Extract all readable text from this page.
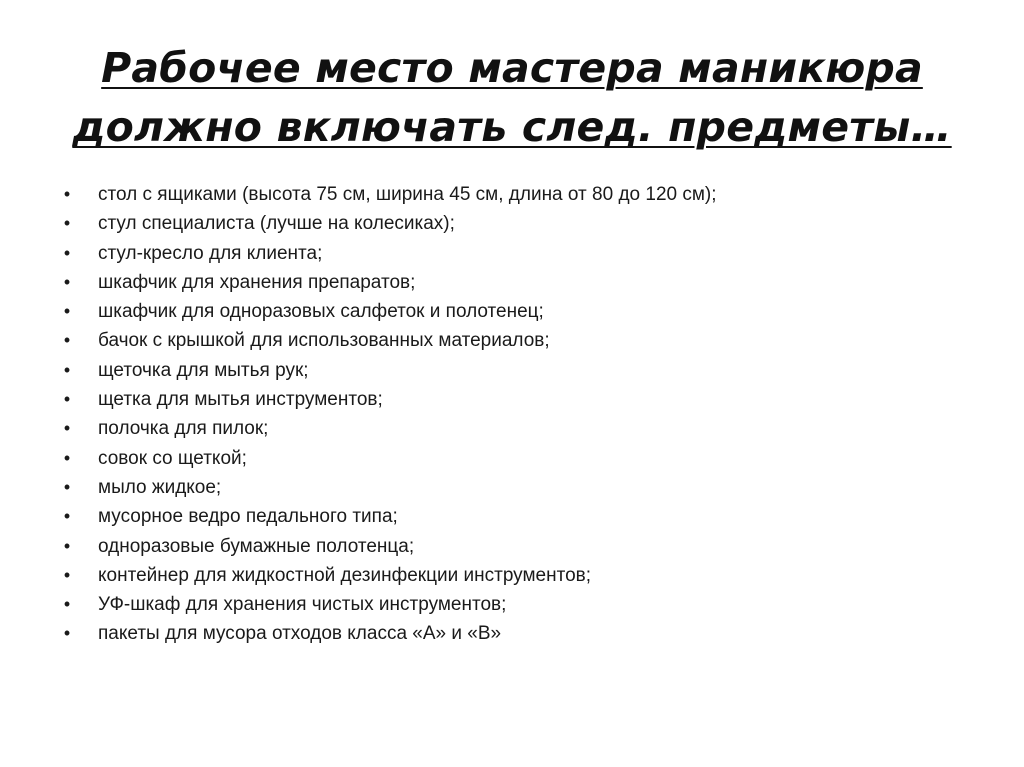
Рабочее место мастера маникюра
должно включать след. предметы…
• стол с ящиками (высота 75 см, ширина 45 см, длина от 80 до 120 см);
• стул специалиста (лучше на колесиках);
• стул-кресло для клиента;
• шкафчик для хранения препаратов;
• шкафчик для одноразовых салфеток и полотенец;
• бачок с крышкой для использованных материалов;
• щеточка для мытья рук;
• щетка для мытья инструментов;
• полочка для пилок;
• совок со щеткой;
• мыло жидкое;
• мусорное ведро педального типа;
• одноразовые бумажные полотенца;
• контейнер для жидкостной дезинфекции инструментов;
• УФ-шкаф для хранения чистых инструментов;
• пакеты для мусора отходов класса «А» и «В»
